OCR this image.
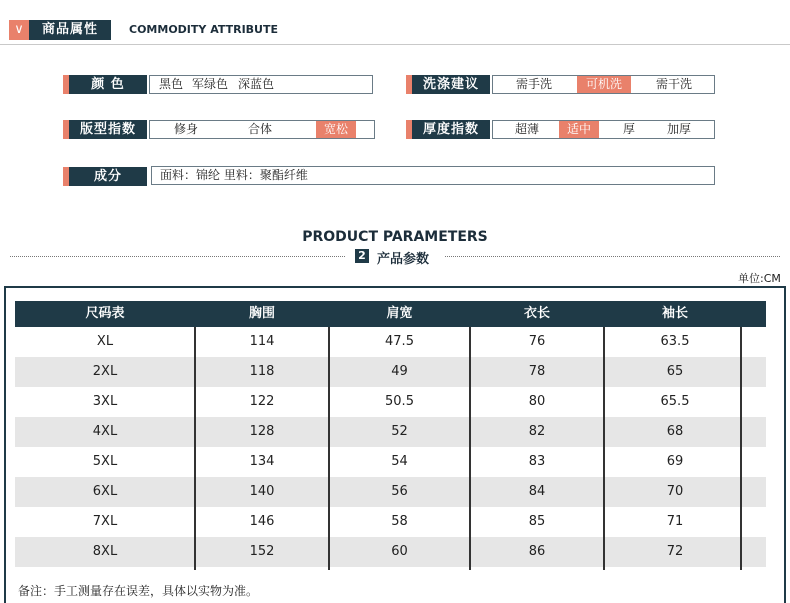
∨	商品属性	COMMODITY ATTRIBUTE
颜 色	黑色 军绿色 深蓝色	洗涤建议	需手洗	可机洗	需干洗
版型指数	修身	合体	宽松	厚度指数	超薄	适中	厚	加厚
成分	面料：锦纶 里料：聚酯纤维
PRODUCT PARAMETERS
2 产品参数
单位:CM
尺码表	胸围	肩宽	衣长	袖长
XL	114	47.5	76	63.5
2XL	118	49	78	65
3XL	122	50.5	80	65.5
4XL	128	52	82	68
5XL	134	54	83	69
6XL	140	56	84	70
7XL	146	58	85	71
8XL	152	60	86	72
备注：手工测量存在误差，具体以实物为准。
